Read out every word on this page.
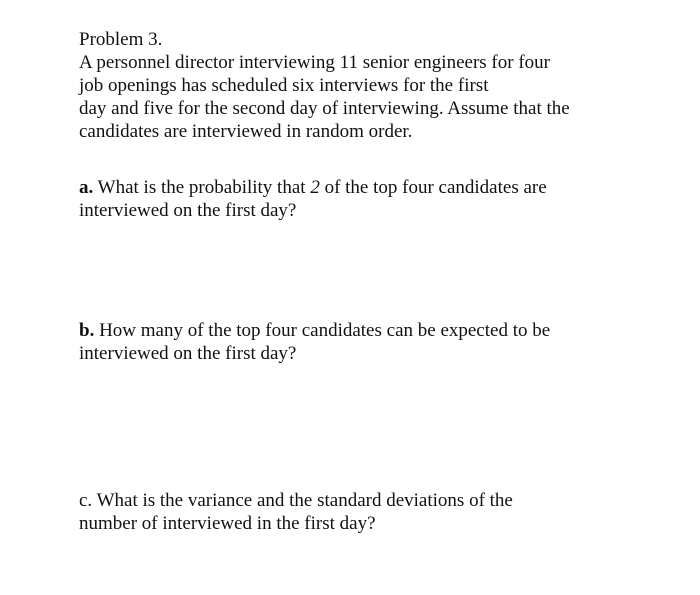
Problem 3.
A personnel director interviewing 11 senior engineers for four
job openings has scheduled six interviews for the first
day and five for the second day of interviewing. Assume that the
candidates are interviewed in random order.
a. What is the probability that 2 of the top four candidates are
interviewed on the first day?
b. How many of the top four candidates can be expected to be
interviewed on the first day?
c. What is the variance and the standard deviations of the
number of interviewed in the first day?
